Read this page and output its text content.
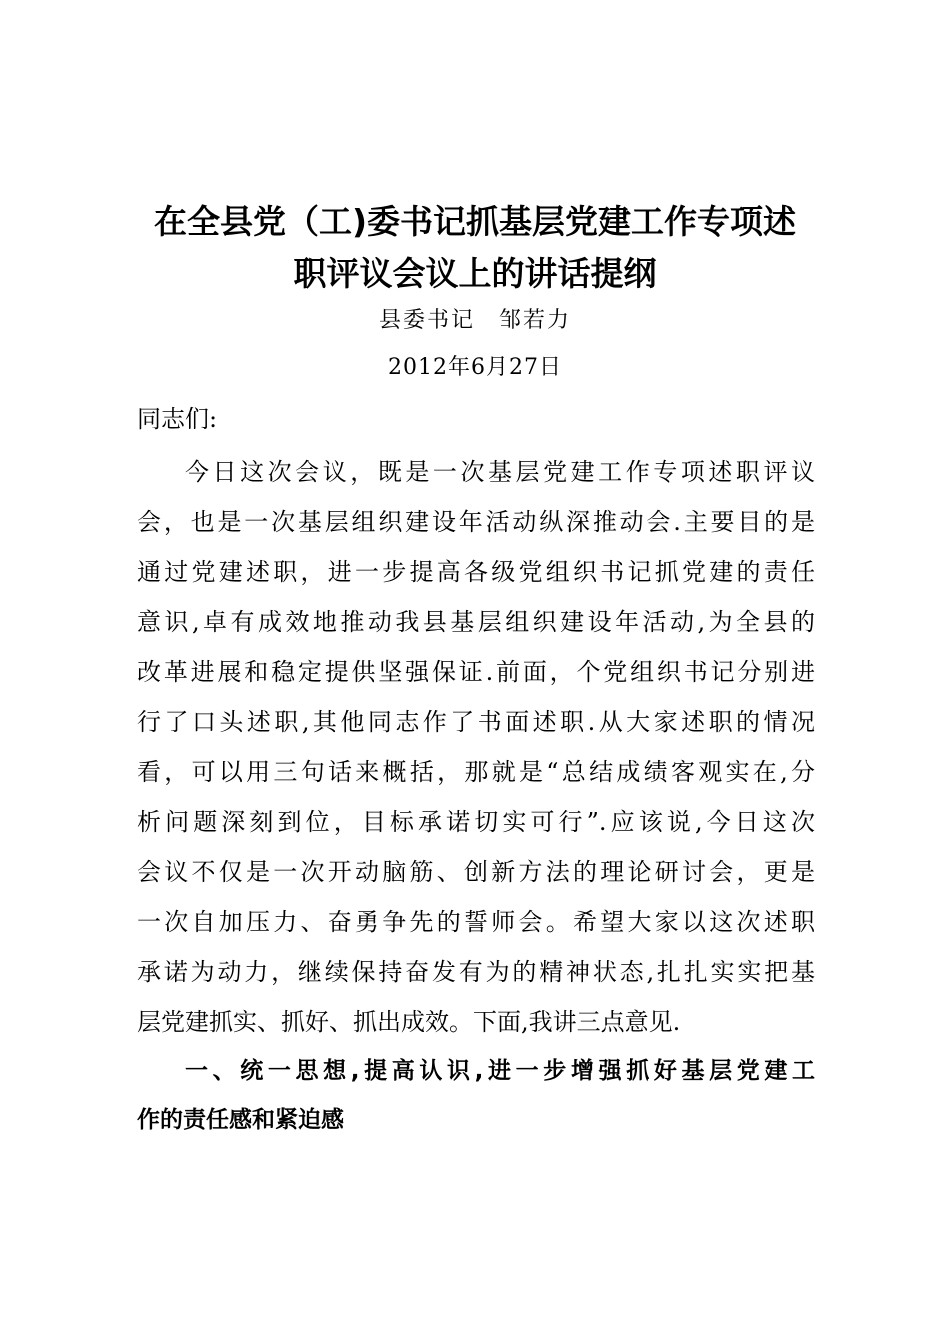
在全县党（工)委书记抓基层党建工作专项述
职评议会议上的讲话提纲
县委书记　邹若力
2012年6月27日
同志们:
今日这次会议，既是一次基层党建工作专项述职评议
会，也是一次基层组织建设年活动纵深推动会.主要目的是
通过党建述职，进一步提高各级党组织书记抓党建的责任
意识,卓有成效地推动我县基层组织建设年活动,为全县的
改革进展和稳定提供坚强保证.前面，个党组织书记分别进
行了口头述职,其他同志作了书面述职.从大家述职的情况
看，可以用三句话来概括，那就是“总结成绩客观实在,分
析问题深刻到位，目标承诺切实可行”.应该说,今日这次
会议不仅是一次开动脑筋、创新方法的理论研讨会，更是
一次自加压力、奋勇争先的誓师会。希望大家以这次述职
承诺为动力，继续保持奋发有为的精神状态,扎扎实实把基
层党建抓实、抓好、抓出成效。下面,我讲三点意见.
一、统一思想,提高认识,进一步增强抓好基层党建工
作的责任感和紧迫感
